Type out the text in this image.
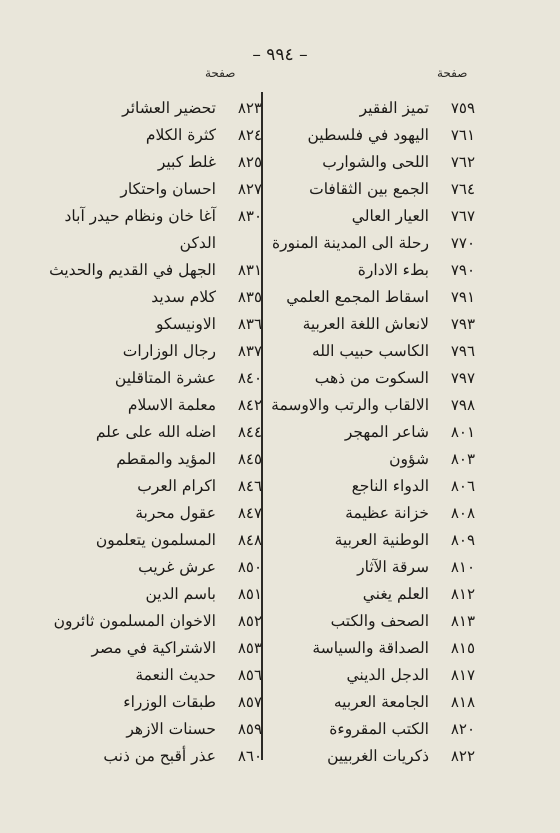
– ٩٩٤ –
صفحة
صفحة
٧٥٩
تميز الفقير
٧٦١
اليهود في فلسطين
٧٦٢
اللحى والشوارب
٧٦٤
الجمع بين الثقافات
٧٦٧
العيار العالي
٧٧٠
رحلة الى المدينة المنورة
٧٩٠
بطء الادارة
٧٩١
اسقاط المجمع العلمي
٧٩٣
لانعاش اللغة العربية
٧٩٦
الكاسب حبيب الله
٧٩٧
السكوت من ذهب
٧٩٨
الالقاب والرتب والاوسمة
٨٠١
شاعر المهجر
٨٠٣
شؤون
٨٠٦
الدواء الناجع
٨٠٨
خزانة عظيمة
٨٠٩
الوطنية العربية
٨١٠
سرقة الآثار
٨١٢
العلم يغني
٨١٣
الصحف والكتب
٨١٥
الصداقة والسياسة
٨١٧
الدجل الديني
٨١٨
الجامعة العربيه
٨٢٠
الكتب المقروءة
٨٢٢
ذكريات الغربيين
٨٢٣
تحضير العشائر
٨٢٤
كثرة الكلام
٨٢٥
غلط كبير
٨٢٧
احسان واحتكار
٨٣٠
آغا خان ونظام حيدر آباد
الدكن
٨٣١
الجهل في القديم والحديث
٨٣٥
كلام سديد
٨٣٦
الاونيسكو
٨٣٧
رجال الوزارات
٨٤٠
عشرة المتاقلين
٨٤٢
معلمة الاسلام
٨٤٤
اضله الله على علم
٨٤٥
المؤيد والمقطم
٨٤٦
اكرام العرب
٨٤٧
عقول محربة
٨٤٨
المسلمون يتعلمون
٨٥٠
عرش غريب
٨٥١
باسم الدين
٨٥٢
الاخوان المسلمون ثائرون
٨٥٣
الاشتراكية في مصر
٨٥٦
حديث النعمة
٨٥٧
طبقات الوزراء
٨٥٩
حسنات الازهر
٨٦٠
عذر أقبح من ذنب
